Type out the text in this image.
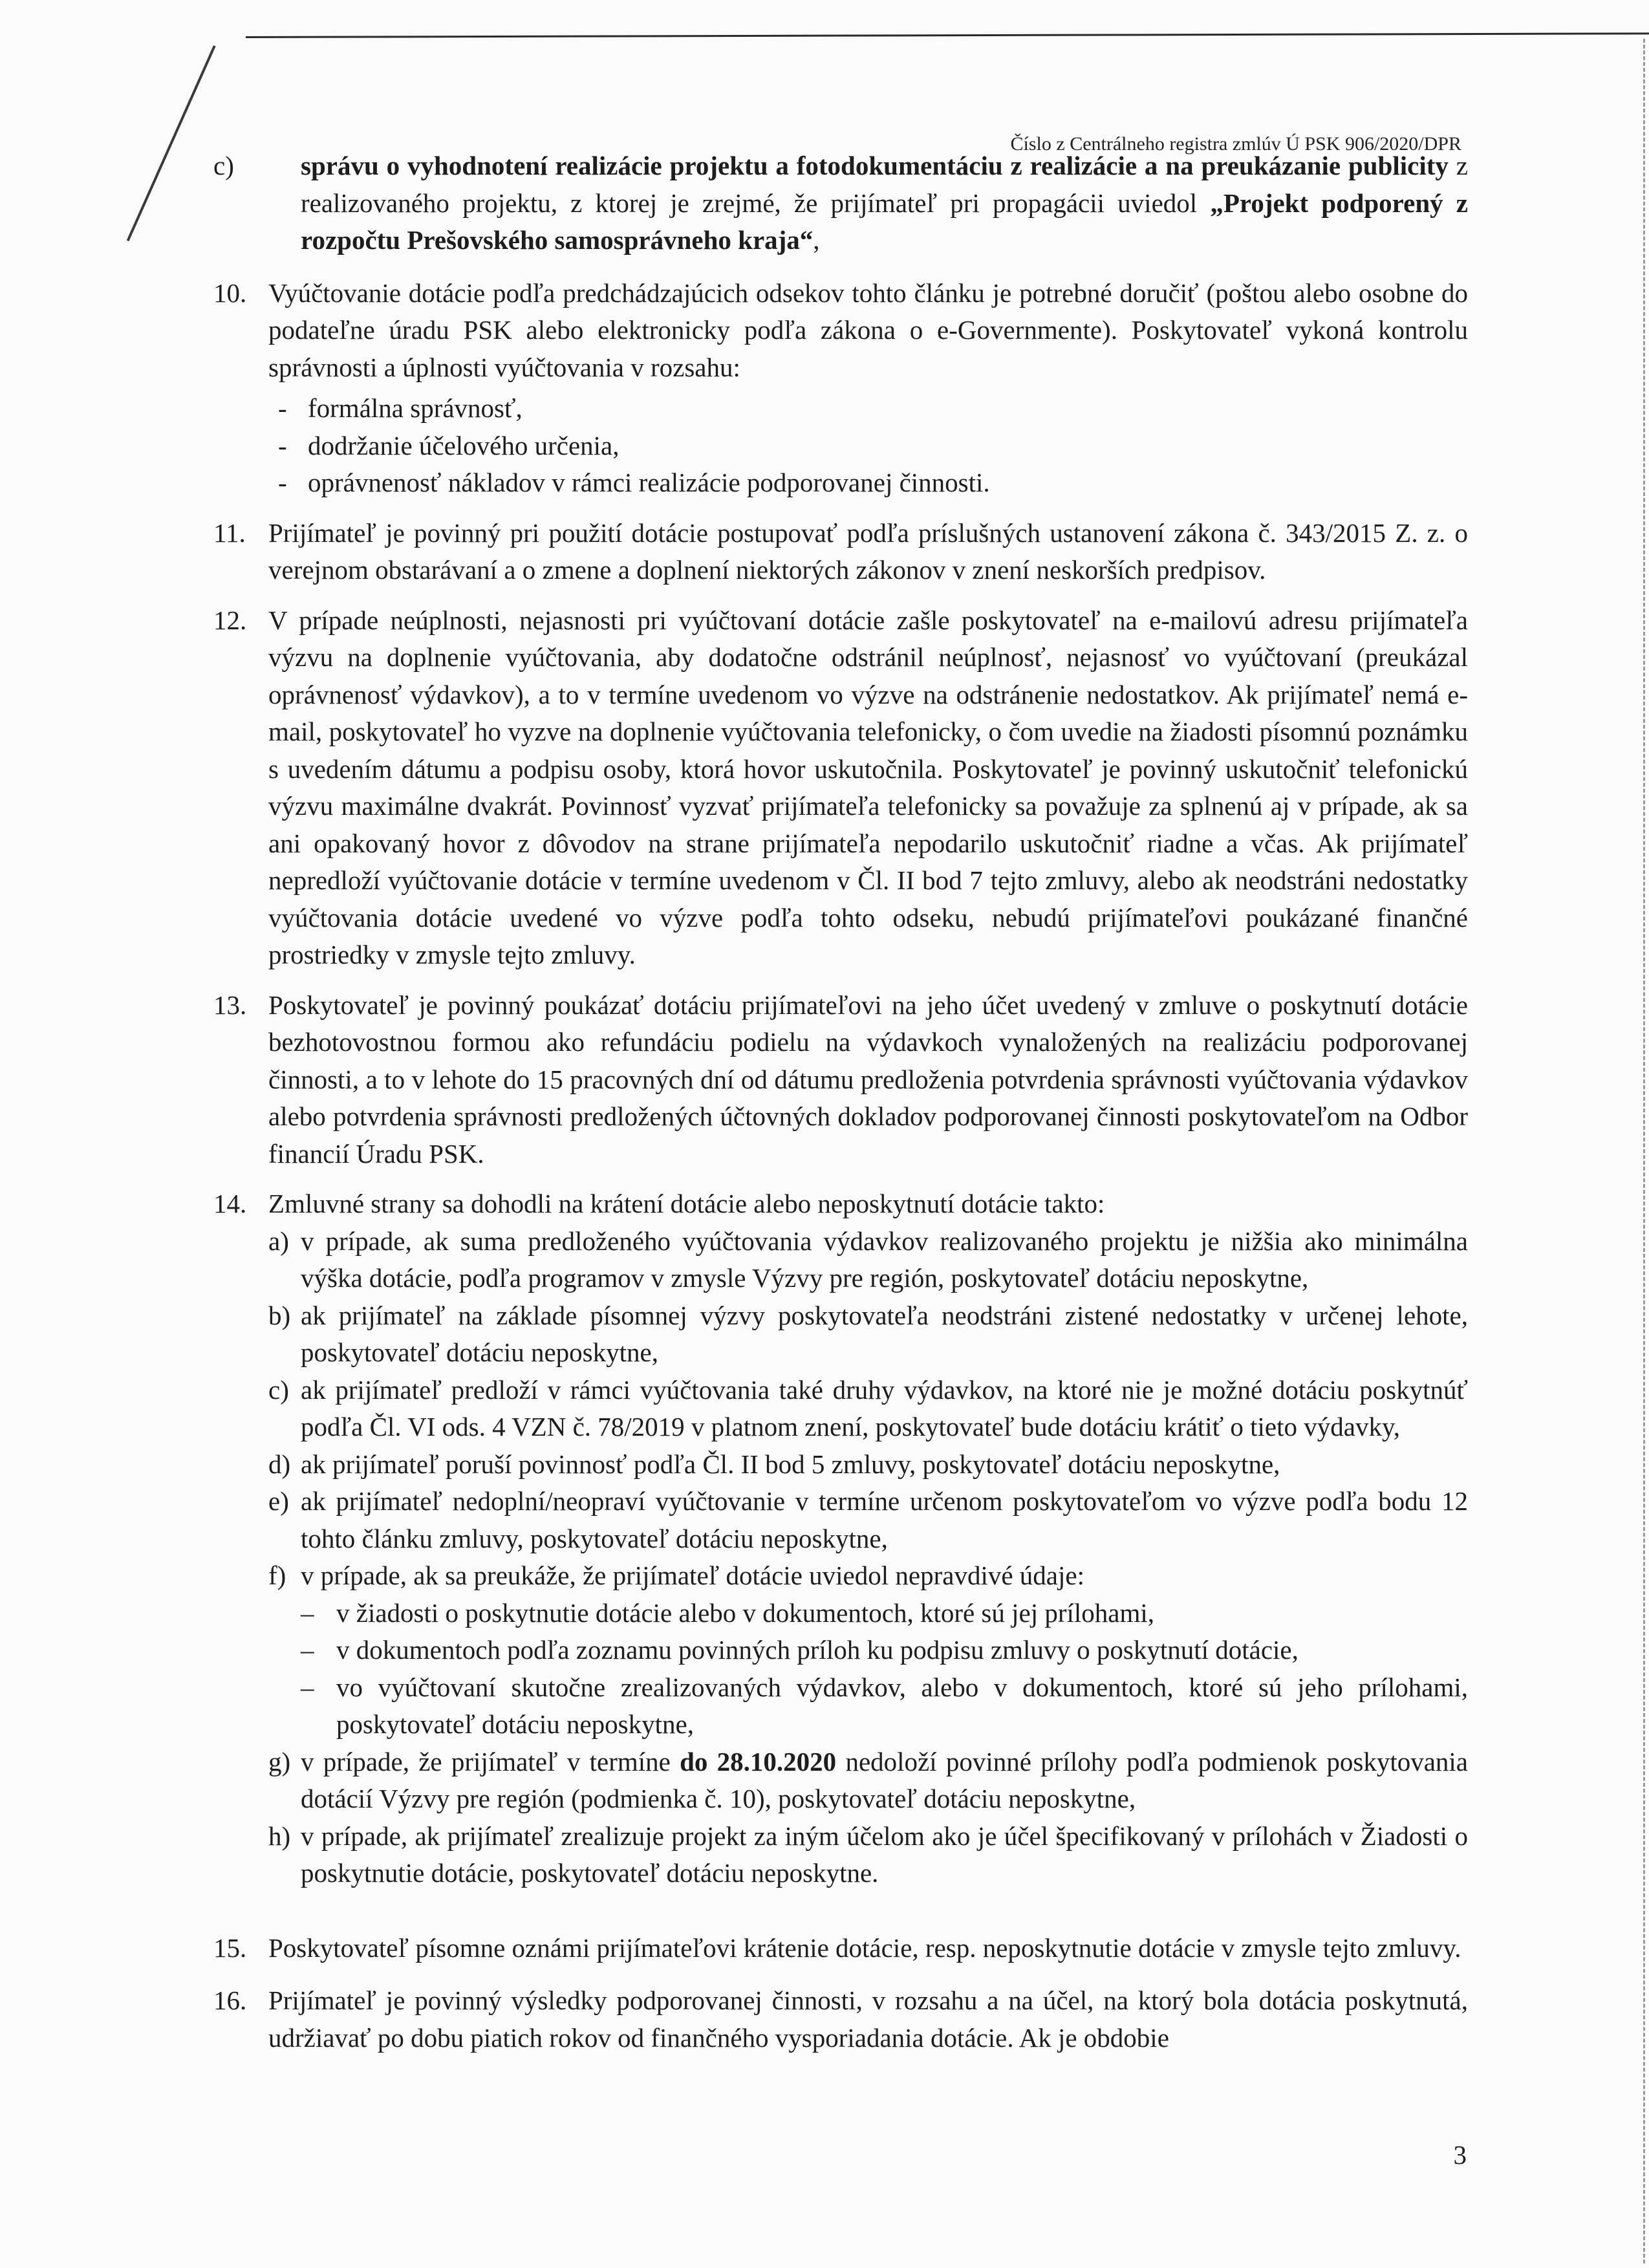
Číslo z Centrálneho registra zmlúv Ú PSK 906/2020/DPR

c)	správu o vyhodnotení realizácie projektu a fotodokumentáciu z realizácie a na preukázanie publicity z realizovaného projektu, z ktorej je zrejmé, že prijímateľ pri propagácii uviedol „Projekt podporený z rozpočtu Prešovského samosprávneho kraja“,

10. Vyúčtovanie dotácie podľa predchádzajúcich odsekov tohto článku je potrebné doručiť (poštou alebo osobne do podateľne úradu PSK alebo elektronicky podľa zákona o e-Governmente). Poskytovateľ vykoná kontrolu správnosti a úplnosti vyúčtovania v rozsahu:
- formálna správnosť,
- dodržanie účelového určenia,
- oprávnenosť nákladov v rámci realizácie podporovanej činnosti.
11. Prijímateľ je povinný pri použití dotácie postupovať podľa príslušných ustanovení zákona č. 343/2015 Z. z. o verejnom obstarávaní a o zmene a doplnení niektorých zákonov v znení neskorších predpisov.
12. V prípade neúplnosti, nejasnosti pri vyúčtovaní dotácie zašle poskytovateľ na e-mailovú adresu prijímateľa výzvu na doplnenie vyúčtovania, aby dodatočne odstránil neúplnosť, nejasnosť vo vyúčtovaní (preukázal oprávnenosť výdavkov), a to v termíne uvedenom vo výzve na odstránenie nedostatkov. Ak prijímateľ nemá e-mail, poskytovateľ ho vyzve na doplnenie vyúčtovania telefonicky, o čom uvedie na žiadosti písomnú poznámku s uvedením dátumu a podpisu osoby, ktorá hovor uskutočnila. Poskytovateľ je povinný uskutočniť telefonickú výzvu maximálne dvakrát. Povinnosť vyzvať prijímateľa telefonicky sa považuje za splnenú aj v prípade, ak sa ani opakovaný hovor z dôvodov na strane prijímateľa nepodarilo uskutočniť riadne a včas. Ak prijímateľ nepredloží vyúčtovanie dotácie v termíne uvedenom v Čl. II bod 7 tejto zmluvy, alebo ak neodstráni nedostatky vyúčtovania dotácie uvedené vo výzve podľa tohto odseku, nebudú prijímateľovi poukázané finančné prostriedky v zmysle tejto zmluvy.
13. Poskytovateľ je povinný poukázať dotáciu prijímateľovi na jeho účet uvedený v zmluve o poskytnutí dotácie bezhotovostnou formou ako refundáciu podielu na výdavkoch vynaložených na realizáciu podporovanej činnosti, a to v lehote do 15 pracovných dní od dátumu predloženia potvrdenia správnosti vyúčtovania výdavkov alebo potvrdenia správnosti predložených účtovných dokladov podporovanej činnosti poskytovateľom na Odbor financií Úradu PSK.
14. Zmluvné strany sa dohodli na krátení dotácie alebo neposkytnutí dotácie takto:

a) v prípade, ak suma predloženého vyúčtovania výdavkov realizovaného projektu je nižšia ako minimálna výška dotácie, podľa programov v zmysle Výzvy pre región, poskytovateľ dotáciu neposkytne,

b) ak prijímateľ na základe písomnej výzvy poskytovateľa neodstráni zistené nedostatky v určenej lehote, poskytovateľ dotáciu neposkytne,

c) ak prijímateľ predloží v rámci vyúčtovania také druhy výdavkov, na ktoré nie je možné dotáciu poskytnúť podľa Čl. VI ods. 4 VZN č. 78/2019 v platnom znení, poskytovateľ bude dotáciu krátiť o tieto výdavky,

d) ak prijímateľ poruší povinnosť podľa Čl. II bod 5 zmluvy, poskytovateľ dotáciu neposkytne,

e) ak prijímateľ nedoplní/neopraví vyúčtovanie v termíne určenom poskytovateľom vo výzve podľa bodu 12 tohto článku zmluvy, poskytovateľ dotáciu neposkytne,

f) v prípade, ak sa preukáže, že prijímateľ dotácie uviedol nepravdivé údaje:

– v žiadosti o poskytnutie dotácie alebo v dokumentoch, ktoré sú jej prílohami,
– v dokumentoch podľa zoznamu povinných príloh ku podpisu zmluvy o poskytnutí dotácie,
– vo vyúčtovaní skutočne zrealizovaných výdavkov, alebo v dokumentoch, ktoré sú jeho prílohami, poskytovateľ dotáciu neposkytne,

g) v prípade, že prijímateľ v termíne do 28.10.2020 nedoloží povinné prílohy podľa podmienok poskytovania dotácií Výzvy pre región (podmienka č. 10), poskytovateľ dotáciu neposkytne,

h) v prípade, ak prijímateľ zrealizuje projekt za iným účelom ako je účel špecifikovaný v prílohách v Žiadosti o poskytnutie dotácie, poskytovateľ dotáciu neposkytne.

15. Poskytovateľ písomne oznámi prijímateľovi krátenie dotácie, resp. neposkytnutie dotácie v zmysle tejto zmluvy.
16. Prijímateľ je povinný výsledky podporovanej činnosti, v rozsahu a na účel, na ktorý bola dotácia poskytnutá, udržiavať po dobu piatich rokov od finančného vysporiadania dotácie. Ak je obdobie
3
